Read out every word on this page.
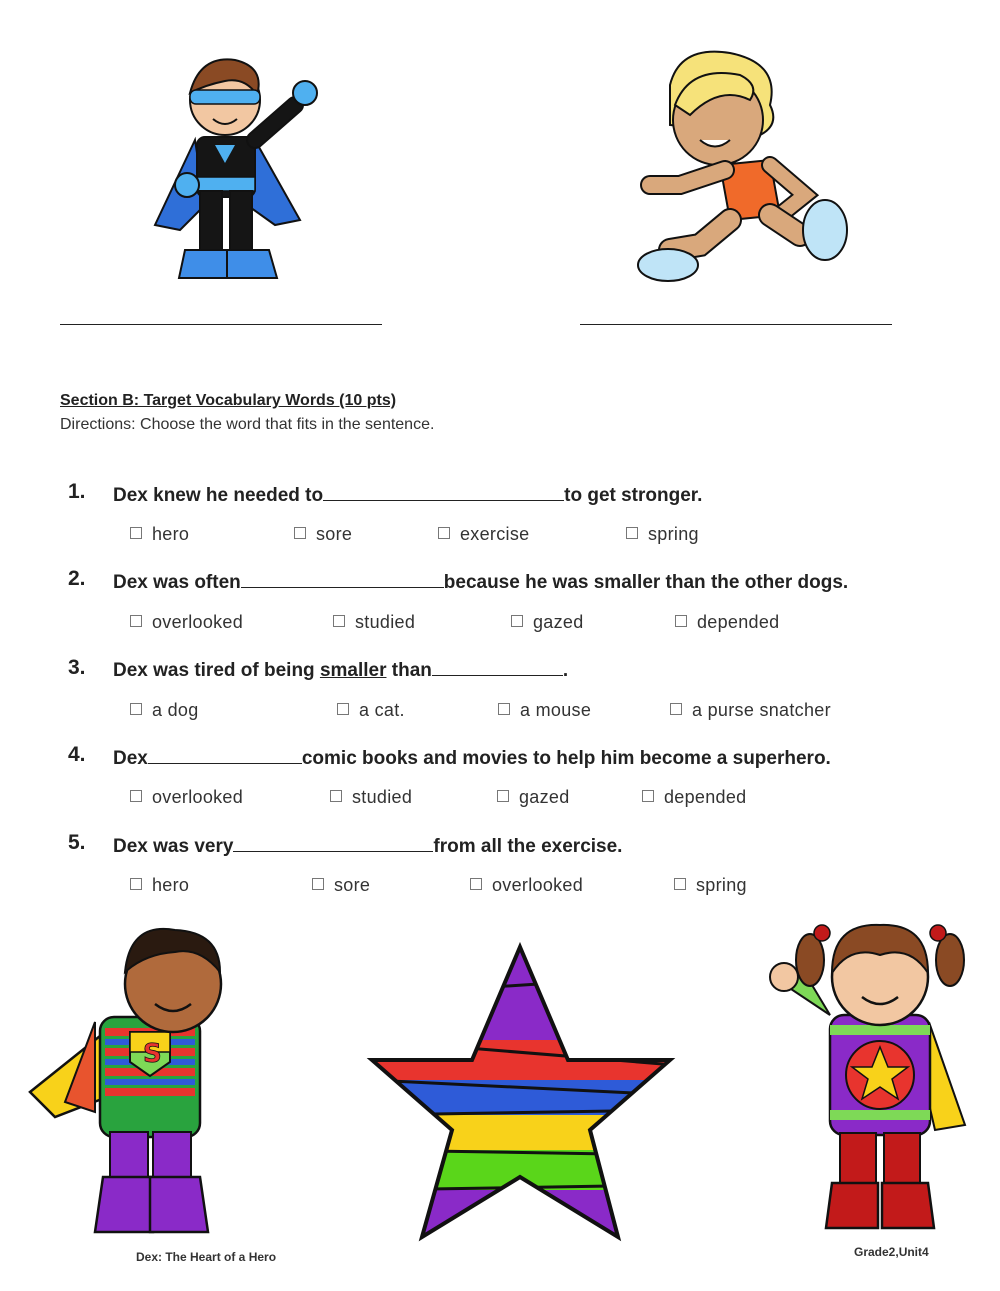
Section B: Target Vocabulary Words (10 pts)
Directions: Choose the word that fits in the sentence.
1. Dex knew he needed to	to get stronger.
hero	sore	exercise	spring
2. Dex was often	because he was smaller than the other dogs.
overlooked	studied	gazed	depended
3. Dex was tired of being smaller than	.
a dog	a cat.	a mouse	a purse snatcher
4. Dex	comic books and movies to help him become a superhero.
overlooked	studied	gazed	depended
5. Dex was very	from all the exercise.
hero	sore	overlooked	spring
S
Dex: The Heart of a Hero	Grade2,Unit4
